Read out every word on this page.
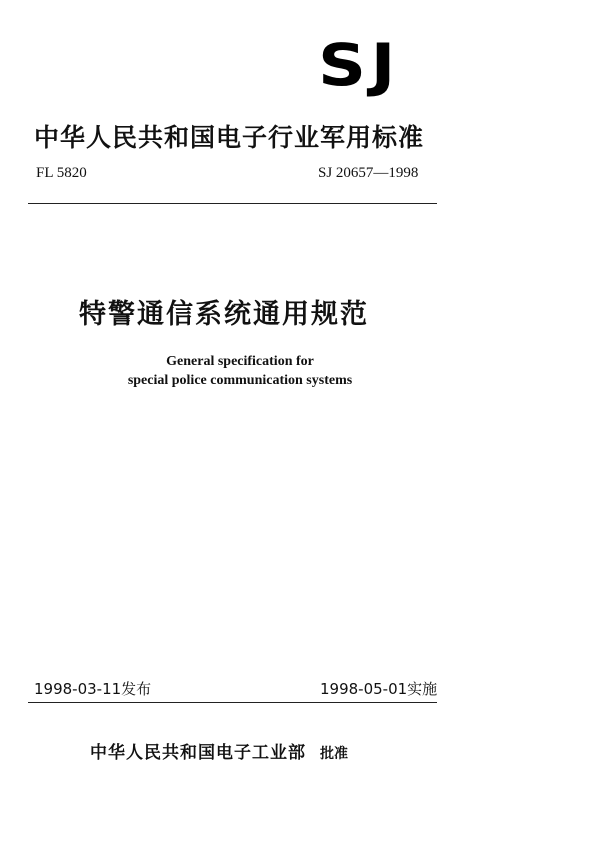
SJ
中华人民共和国电子行业军用标准
FL 5820	SJ 20657—1998
特警通信系统通用规范
General specification for
special police communication systems
1998-03-11发布	1998-05-01实施
中华人民共和国电子工业部 批准
